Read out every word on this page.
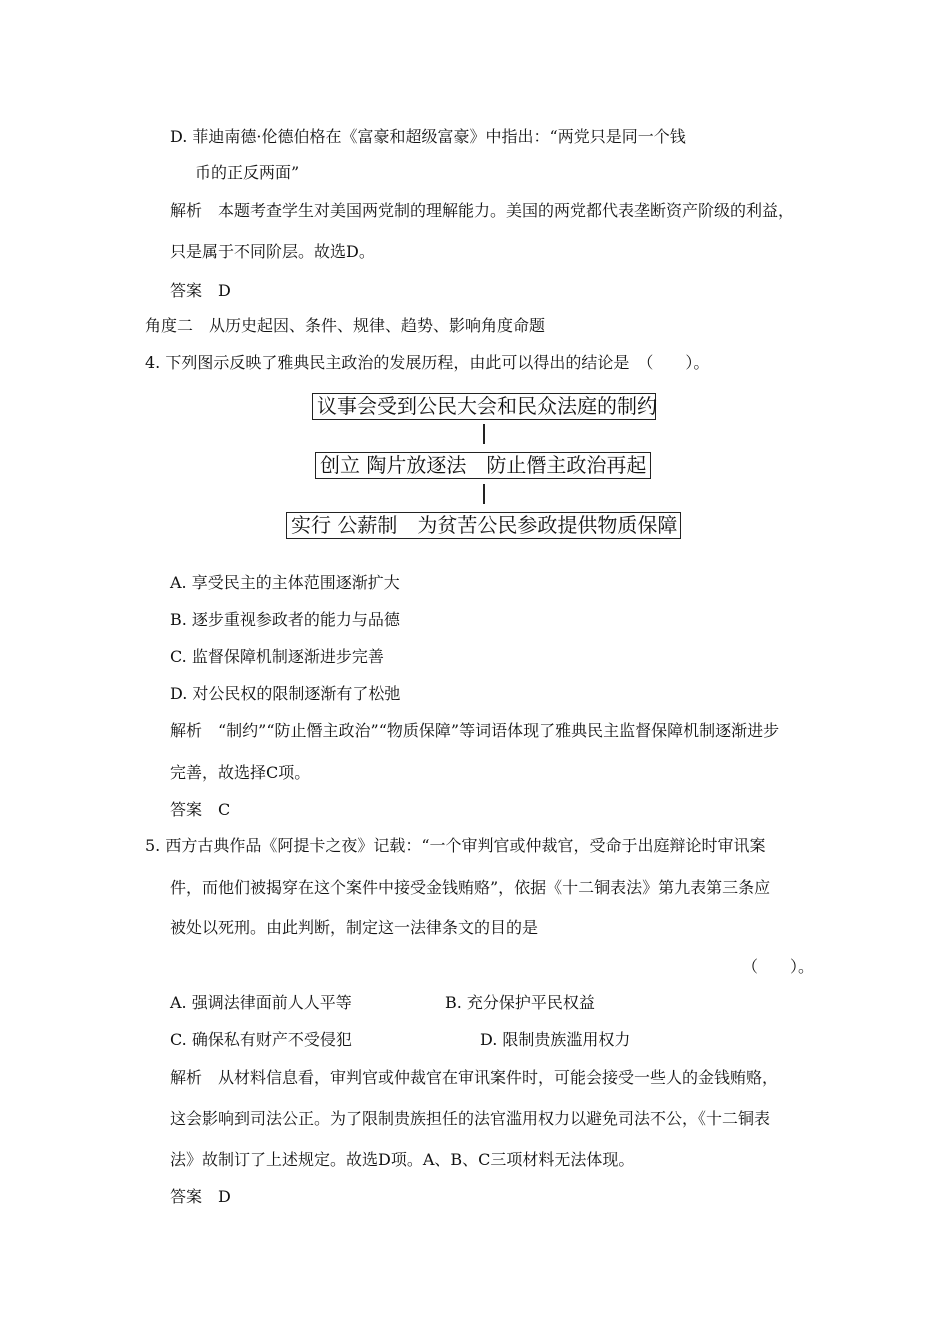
D. 菲迪南德·伦德伯格在《富豪和超级富豪》中指出：“两党只是同一个钱
币的正反两面”
解析　本题考查学生对美国两党制的理解能力。美国的两党都代表垄断资产阶级的利益，
只是属于不同阶层。故选D。
答案　D
角度二　从历史起因、条件、规律、趋势、影响角度命题
4. 下列图示反映了雅典民主政治的发展历程，由此可以得出的结论是　（　　）。
议事会受到公民大会和民众法庭的制约
创立 陶片放逐法　防止僭主政治再起
实行 公薪制　为贫苦公民参政提供物质保障
A. 享受民主的主体范围逐渐扩大
B. 逐步重视参政者的能力与品德
C. 监督保障机制逐渐进步完善
D. 对公民权的限制逐渐有了松弛
解析　“制约”“防止僭主政治”“物质保障”等词语体现了雅典民主监督保障机制逐渐进步
完善，故选择C项。
答案　C
5. 西方古典作品《阿提卡之夜》记载：“一个审判官或仲裁官，受命于出庭辩论时审讯案
件，而他们被揭穿在这个案件中接受金钱贿赂”，依据《十二铜表法》第九表第三条应
被处以死刑。由此判断，制定这一法律条文的目的是
（　　）。
A. 强调法律面前人人平等	B. 充分保护平民权益
C. 确保私有财产不受侵犯	D. 限制贵族滥用权力
解析　从材料信息看，审判官或仲裁官在审讯案件时，可能会接受一些人的金钱贿赂，
这会影响到司法公正。为了限制贵族担任的法官滥用权力以避免司法不公，《十二铜表
法》故制订了上述规定。故选D项。A、B、C三项材料无法体现。
答案　D
